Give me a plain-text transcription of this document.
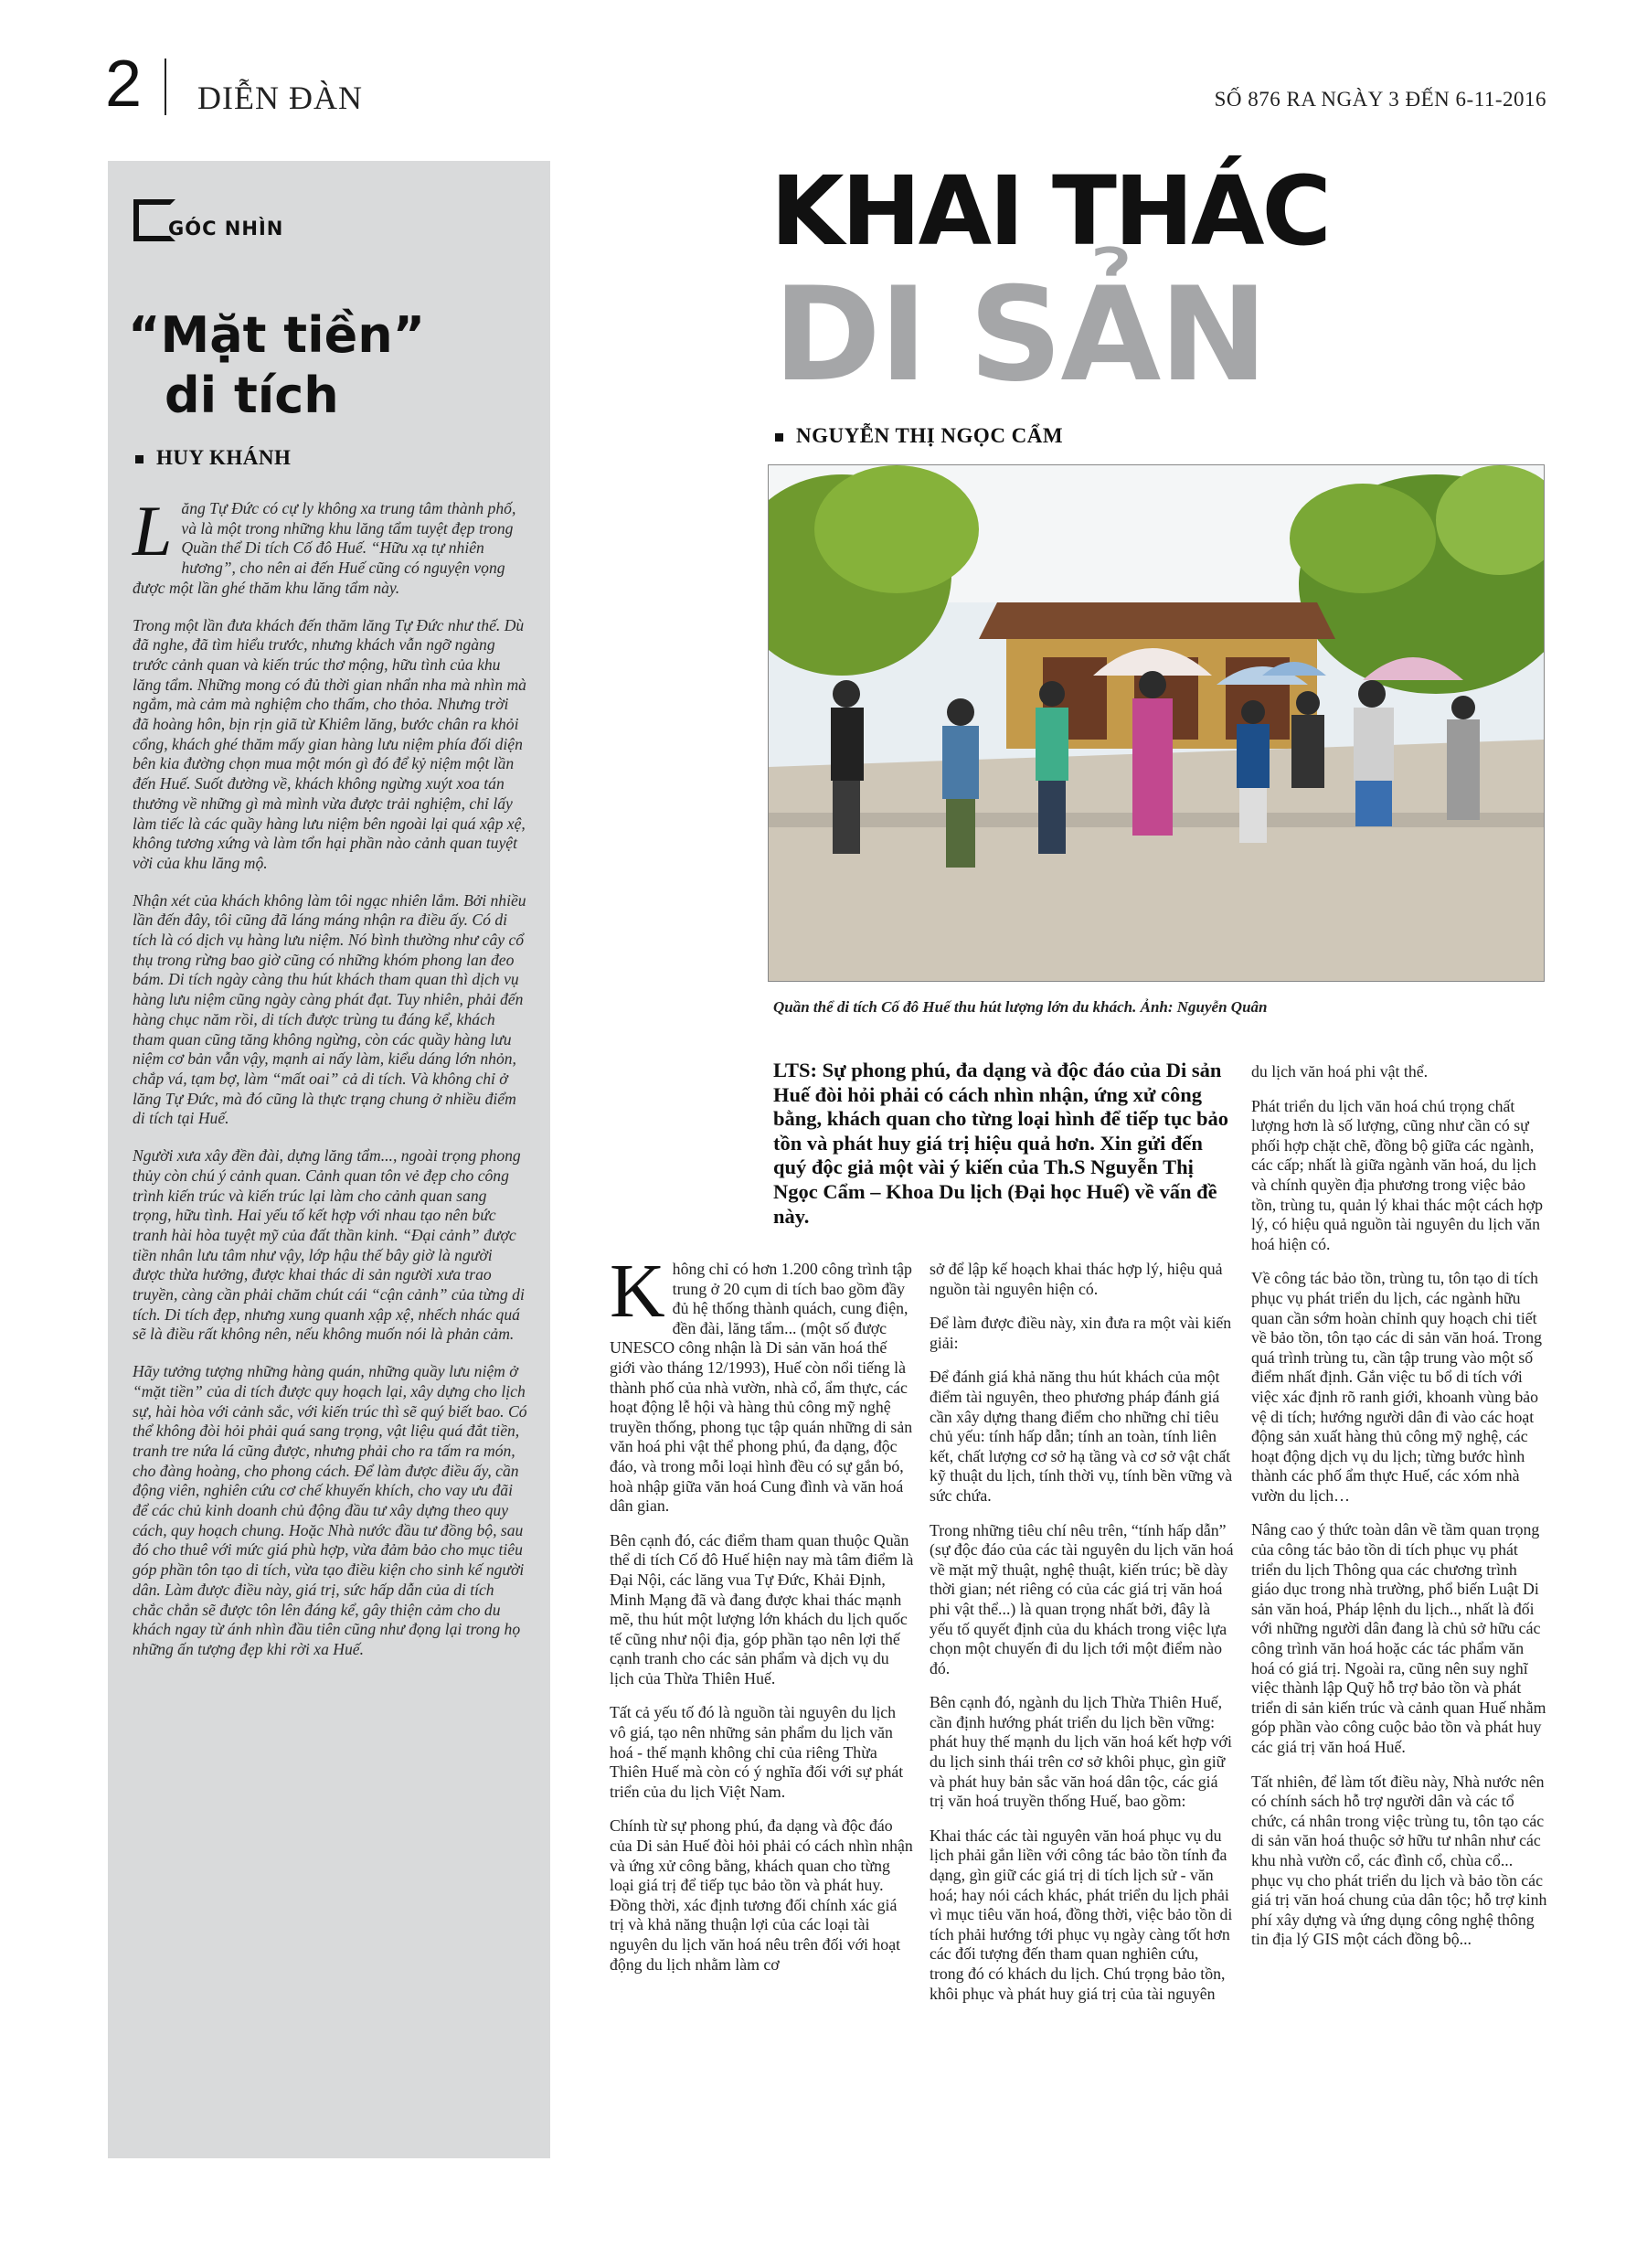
2 DIỄN ĐÀN	SỐ 876 RA NGÀY 3 ĐẾN 6-11-2016
GÓC NHÌN
“Mặt tiền”
di tích
HUY KHÁNH

Lăng Tự Đức có cự ly không xa trung tâm thành phố, và là một trong những khu lăng tẩm tuyệt đẹp trong Quần thể Di tích Cố đô Huế. “Hữu xạ tự nhiên hương”, cho nên ai đến Huế cũng có nguyện vọng được một lần ghé thăm khu lăng tẩm này.

Trong một lần đưa khách đến thăm lăng Tự Đức như thế. Dù đã nghe, đã tìm hiểu trước, nhưng khách vẫn ngỡ ngàng trước cảnh quan và kiến trúc thơ mộng, hữu tình của khu lăng tẩm. Những mong có đủ thời gian nhẩn nha mà nhìn mà ngắm, mà cảm mà nghiệm cho thấm, cho thỏa. Nhưng trời đã hoàng hôn, bịn rịn giã từ Khiêm lăng, bước chân ra khỏi cổng, khách ghé thăm mấy gian hàng lưu niệm phía đối diện bên kia đường chọn mua một món gì đó để kỷ niệm một lần đến Huế. Suốt đường về, khách không ngừng xuýt xoa tán thưởng về những gì mà mình vừa được trải nghiệm, chỉ lấy làm tiếc là các quầy hàng lưu niệm bên ngoài lại quá xập xệ, không tương xứng và làm tổn hại phần nào cảnh quan tuyệt vời của khu lăng mộ.

Nhận xét của khách không làm tôi ngạc nhiên lắm. Bởi nhiều lần đến đây, tôi cũng đã láng máng nhận ra điều ấy. Có di tích là có dịch vụ hàng lưu niệm. Nó bình thường như cây cổ thụ trong rừng bao giờ cũng có những khóm phong lan đeo bám. Di tích ngày càng thu hút khách tham quan thì dịch vụ hàng lưu niệm cũng ngày càng phát đạt. Tuy nhiên, phải đến hàng chục năm rồi, di tích được trùng tu đáng kể, khách tham quan cũng tăng không ngừng, còn các quầy hàng lưu niệm cơ bản vẫn vậy, mạnh ai nấy làm, kiểu dáng lớn nhỏn, chắp vá, tạm bợ, làm “mất oai” cả di tích. Và không chỉ ở lăng Tự Đức, mà đó cũng là thực trạng chung ở nhiều điểm di tích tại Huế.

Người xưa xây đền đài, dựng lăng tẩm..., ngoài trọng phong thủy còn chú ý cảnh quan. Cảnh quan tôn vẻ đẹp cho công trình kiến trúc và kiến trúc lại làm cho cảnh quan sang trọng, hữu tình. Hai yếu tố kết hợp với nhau tạo nên bức tranh hài hòa tuyệt mỹ của đất thần kinh. “Đại cảnh” được tiền nhân lưu tâm như vậy, lớp hậu thế bây giờ là người được thừa hưởng, được khai thác di sản người xưa trao truyền, càng cần phải chăm chút cái “cận cảnh” của từng di tích. Di tích đẹp, nhưng xung quanh xập xệ, nhếch nhác quá sẽ là điều rất không nên, nếu không muốn nói là phản cảm.

Hãy tưởng tượng những hàng quán, những quầy lưu niệm ở “mặt tiền” của di tích được quy hoạch lại, xây dựng cho lịch sự, hài hòa với cảnh sắc, với kiến trúc thì sẽ quý biết bao. Có thể không đòi hỏi phải quá sang trọng, vật liệu quá đắt tiền, tranh tre nứa lá cũng được, nhưng phải cho ra tấm ra món, cho đàng hoàng, cho phong cách. Để làm được điều ấy, cần động viên, nghiên cứu cơ chế khuyến khích, cho vay ưu đãi để các chủ kinh doanh chủ động đầu tư xây dựng theo quy cách, quy hoạch chung. Hoặc Nhà nước đầu tư đồng bộ, sau đó cho thuê với mức giá phù hợp, vừa đảm bảo cho mục tiêu góp phần tôn tạo di tích, vừa tạo điều kiện cho sinh kế người dân. Làm được điều này, giá trị, sức hấp dẫn của di tích chắc chắn sẽ được tôn lên đáng kể, gây thiện cảm cho du khách ngay từ ánh nhìn đầu tiên cũng như đọng lại trong họ những ấn tượng đẹp khi rời xa Huế.

KHAI THÁC
DI SẢN
NGUYỄN THỊ NGỌC CẨM
Quần thể di tích Cố đô Huế thu hút lượng lớn du khách. Ảnh: Nguyễn Quân
LTS: Sự phong phú, đa dạng và độc đáo của Di sản Huế đòi hỏi phải có cách nhìn nhận, ứng xử công bằng, khách quan cho từng loại hình để tiếp tục bảo tồn và phát huy giá trị hiệu quả hơn. Xin gửi đến quý độc giả một vài ý kiến của Th.S Nguyễn Thị Ngọc Cẩm – Khoa Du lịch (Đại học Huế) về vấn đề này.

Không chỉ có hơn 1.200 công trình tập trung ở 20 cụm di tích bao gồm đầy đủ hệ thống thành quách, cung điện, đền đài, lăng tẩm... (một số được UNESCO công nhận là Di sản văn hoá thế giới vào tháng 12/1993), Huế còn nổi tiếng là thành phố của nhà vườn, nhà cổ, ẩm thực, các hoạt động lễ hội và hàng thủ công mỹ nghệ truyền thống, phong tục tập quán những di sản văn hoá phi vật thể phong phú, đa dạng, độc đáo, và trong mỗi loại hình đều có sự gắn bó, hoà nhập giữa văn hoá Cung đình và văn hoá dân gian.

Bên cạnh đó, các điểm tham quan thuộc Quần thể di tích Cố đô Huế hiện nay mà tâm điểm là Đại Nội, các lăng vua Tự Đức, Khải Định, Minh Mạng đã và đang được khai thác mạnh mẽ, thu hút một lượng lớn khách du lịch quốc tế cũng như nội địa, góp phần tạo nên lợi thế cạnh tranh cho các sản phẩm và dịch vụ du lịch của Thừa Thiên Huế.

Tất cả yếu tố đó là nguồn tài nguyên du lịch vô giá, tạo nên những sản phẩm du lịch văn hoá - thế mạnh không chỉ của riêng Thừa Thiên Huế mà còn có ý nghĩa đối với sự phát triển của du lịch Việt Nam.

Chính từ sự phong phú, đa dạng và độc đáo của Di sản Huế đòi hỏi phải có cách nhìn nhận và ứng xử công bằng, khách quan cho từng loại giá trị để tiếp tục bảo tồn và phát huy. Đồng thời, xác định tương đối chính xác giá trị và khả năng thuận lợi của các loại tài nguyên du lịch văn hoá nêu trên đối với hoạt động du lịch nhằm làm cơ

sở để lập kế hoạch khai thác hợp lý, hiệu quả nguồn tài nguyên hiện có.

Để làm được điều này, xin đưa ra một vài kiến giải:

Để đánh giá khả năng thu hút khách của một điểm tài nguyên, theo phương pháp đánh giá cần xây dựng thang điểm cho những chỉ tiêu chủ yếu: tính hấp dẫn; tính an toàn, tính liên kết, chất lượng cơ sở hạ tầng và cơ sở vật chất kỹ thuật du lịch, tính thời vụ, tính bền vững và sức chứa.

Trong những tiêu chí nêu trên, “tính hấp dẫn” (sự độc đáo của các tài nguyên du lịch văn hoá về mặt mỹ thuật, nghệ thuật, kiến trúc; bề dày thời gian; nét riêng có của các giá trị văn hoá phi vật thể...) là quan trọng nhất bởi, đây là yếu tố quyết định của du khách trong việc lựa chọn một chuyến đi du lịch tới một điểm nào đó.

Bên cạnh đó, ngành du lịch Thừa Thiên Huế, cần định hướng phát triển du lịch bền vững: phát huy thế mạnh du lịch văn hoá kết hợp với du lịch sinh thái trên cơ sở khôi phục, gìn giữ và phát huy bản sắc văn hoá dân tộc, các giá trị văn hoá truyền thống Huế, bao gồm:

Khai thác các tài nguyên văn hoá phục vụ du lịch phải gắn liền với công tác bảo tồn tính đa dạng, gìn giữ các giá trị di tích lịch sử - văn hoá; hay nói cách khác, phát triển du lịch phải vì mục tiêu văn hoá, đồng thời, việc bảo tồn di tích phải hướng tới phục vụ ngày càng tốt hơn các đối tượng đến tham quan nghiên cứu, trong đó có khách du lịch. Chú trọng bảo tồn, khôi phục và phát huy giá trị của tài nguyên

du lịch văn hoá phi vật thể.

Phát triển du lịch văn hoá chú trọng chất lượng hơn là số lượng, cũng như cần có sự phối hợp chặt chẽ, đồng bộ giữa các ngành, các cấp; nhất là giữa ngành văn hoá, du lịch và chính quyền địa phương trong việc bảo tồn, trùng tu, quản lý khai thác một cách hợp lý, có hiệu quả nguồn tài nguyên du lịch văn hoá hiện có.

Về công tác bảo tồn, trùng tu, tôn tạo di tích phục vụ phát triển du lịch, các ngành hữu quan cần sớm hoàn chỉnh quy hoạch chi tiết về bảo tồn, tôn tạo các di sản văn hoá. Trong quá trình trùng tu, cần tập trung vào một số điểm nhất định. Gắn việc tu bổ di tích với việc xác định rõ ranh giới, khoanh vùng bảo vệ di tích; hướng người dân đi vào các hoạt động sản xuất hàng thủ công mỹ nghệ, các hoạt động dịch vụ du lịch; từng bước hình thành các phố ẩm thực Huế, các xóm nhà vườn du lịch…

Nâng cao ý thức toàn dân về tầm quan trọng của công tác bảo tồn di tích phục vụ phát triển du lịch Thông qua các chương trình giáo dục trong nhà trường, phổ biến Luật Di sản văn hoá, Pháp lệnh du lịch.., nhất là đối với những người dân đang là chủ sở hữu các công trình văn hoá hoặc các tác phẩm văn hoá có giá trị. Ngoài ra, cũng nên suy nghĩ việc thành lập Quỹ hỗ trợ bảo tồn và phát triển di sản kiến trúc và cảnh quan Huế nhằm góp phần vào công cuộc bảo tồn và phát huy các giá trị văn hoá Huế.

Tất nhiên, để làm tốt điều này, Nhà nước nên có chính sách hỗ trợ người dân và các tổ chức, cá nhân trong việc trùng tu, tôn tạo các di sản văn hoá thuộc sở hữu tư nhân như các khu nhà vườn cổ, các đình cổ, chùa cổ... phục vụ cho phát triển du lịch và bảo tồn các giá trị văn hoá chung của dân tộc; hỗ trợ kinh phí xây dựng và ứng dụng công nghệ thông tin địa lý GIS một cách đồng bộ...
